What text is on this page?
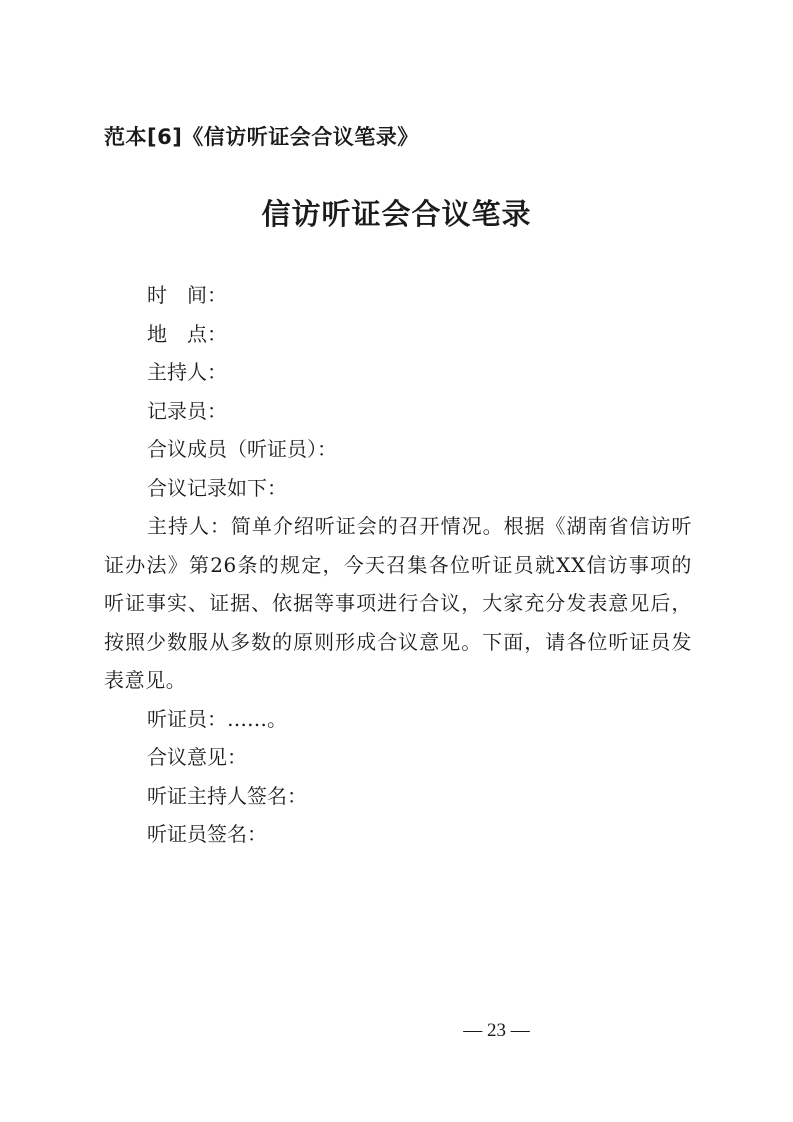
范本[6]《信访听证会合议笔录》
信访听证会合议笔录
时　间：
地　点：
主持人：
记录员：
合议成员（听证员）：
合议记录如下：
主持人：简单介绍听证会的召开情况。根据《湖南省信访听证办法》第26条的规定，今天召集各位听证员就XX信访事项的听证事实、证据、依据等事项进行合议，大家充分发表意见后，按照少数服从多数的原则形成合议意见。下面，请各位听证员发表意见。
听证员：……。
合议意见：
听证主持人签名：
听证员签名：
— 23 —
